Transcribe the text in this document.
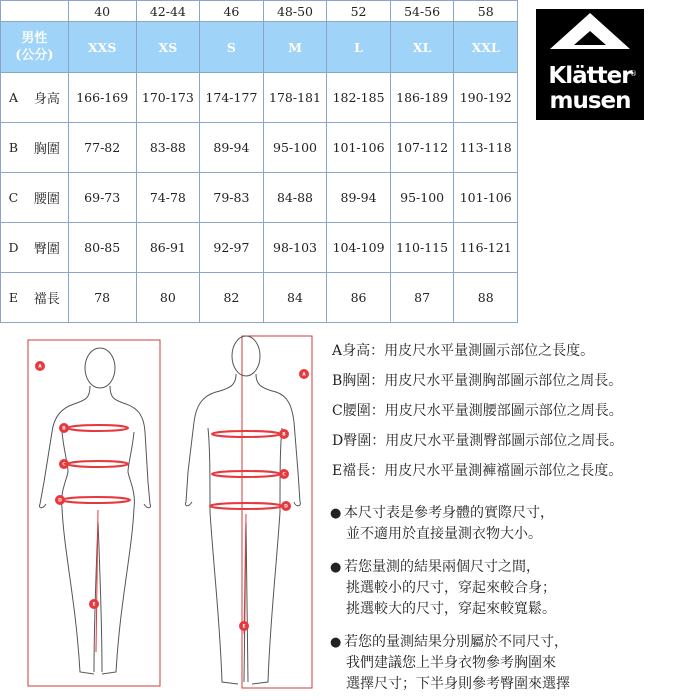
		40	42-44	46	48-50	52	54-56	58

男性
(公分)		XXS	XS	S	M	L	XL	XXL
A	身高	166-169	170-173	174-177	178-181	182-185	186-189	190-192
B	胸圍	77-82	83-88	89-94	95-100	101-106	107-112	113-118
C	腰圍	69-73	74-78	79-83	84-88	89-94	95-100	101-106
D	臀圍	80-85	86-91	92-97	98-103	104-109	110-115	116-121
E	襠長	78	80	82	84	86	87	88
Klätter
musen
®
A
B
C
D
E
A
B
C
D
E
A身高：用皮尺水平量測圖示部位之長度。
B胸圍：用皮尺水平量測胸部圖示部位之周長。
C腰圍：用皮尺水平量測腰部圖示部位之周長。
D臀圍：用皮尺水平量測臀部圖示部位之周長。
E襠長：用皮尺水平量測褲襠圖示部位之長度。
● 本尺寸表是參考身體的實際尺寸，
並不適用於直接量測衣物大小。
● 若您量測的結果兩個尺寸之間，
挑選較小的尺寸，穿起來較合身；
挑選較大的尺寸，穿起來較寬鬆。
● 若您的量測結果分別屬於不同尺寸，
我們建議您上半身衣物參考胸圍來
選擇尺寸；下半身則參考臀圍來選擇
